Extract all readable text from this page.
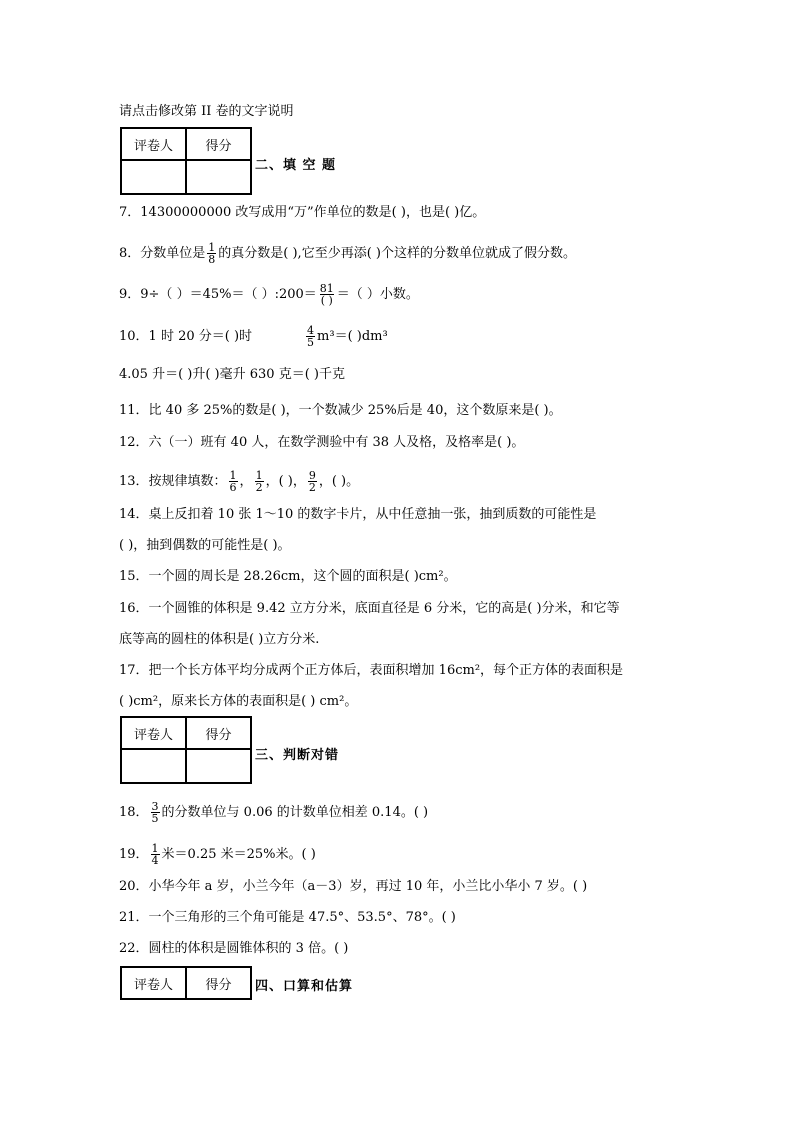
请点击修改第 II 卷的文字说明
评卷人	得分

二、填 空 题
7．14300000000 改写成用“万”作单位的数是( )，也是( )亿。
8．分数单位是 $\frac{1}{8}$ 的真分数是( ),它至少再添( )个这样的分数单位就成了假分数。
9．9÷（ ）＝45%＝（ ）:200＝ $\frac{81}{( )}$ ＝（ ）小数。
10．1 时 20 分＝( )时	$\frac{4}{5} m^3=$( )dm³
4.05 升＝( )升( )毫升 630 克＝( )千克
11．比 40 多 25%的数是( )，一个数减少 25%后是 40，这个数原来是( )。
12．六（一）班有 40 人，在数学测验中有 38 人及格，及格率是( )。
13．按规律填数： $\frac{1}{6}$ ， $\frac{1}{2}$ ，( )， $\frac{9}{2}$ ，( )。
14．桌上反扣着 10 张 1～10 的数字卡片，从中任意抽一张，抽到质数的可能性是
( )，抽到偶数的可能性是( )。
15．一个圆的周长是 28.26cm，这个圆的面积是( )cm²。
16．一个圆锥的体积是 9.42 立方分米，底面直径是 6 分米，它的高是( )分米，和它等
底等高的圆柱的体积是( )立方分米.
17．把一个长方体平均分成两个正方体后，表面积增加 16cm²，每个正方体的表面积是
( )cm²，原来长方体的表面积是( ) cm²。
评卷人	得分

三、判断对错
18． $\frac{3}{5}$ 的分数单位与 0.06 的计数单位相差 0.14。( )
19． $\frac{1}{4}$ 米＝0.25 米＝25%米。( )
20．小华今年 a 岁，小兰今年（a－3）岁，再过 10 年，小兰比小华小 7 岁。( )
21．一个三角形的三个角可能是 47.5°、53.5°、78°。( )
22．圆柱的体积是圆锥体积的 3 倍。( )
评卷人	得分 四、口算和估算
